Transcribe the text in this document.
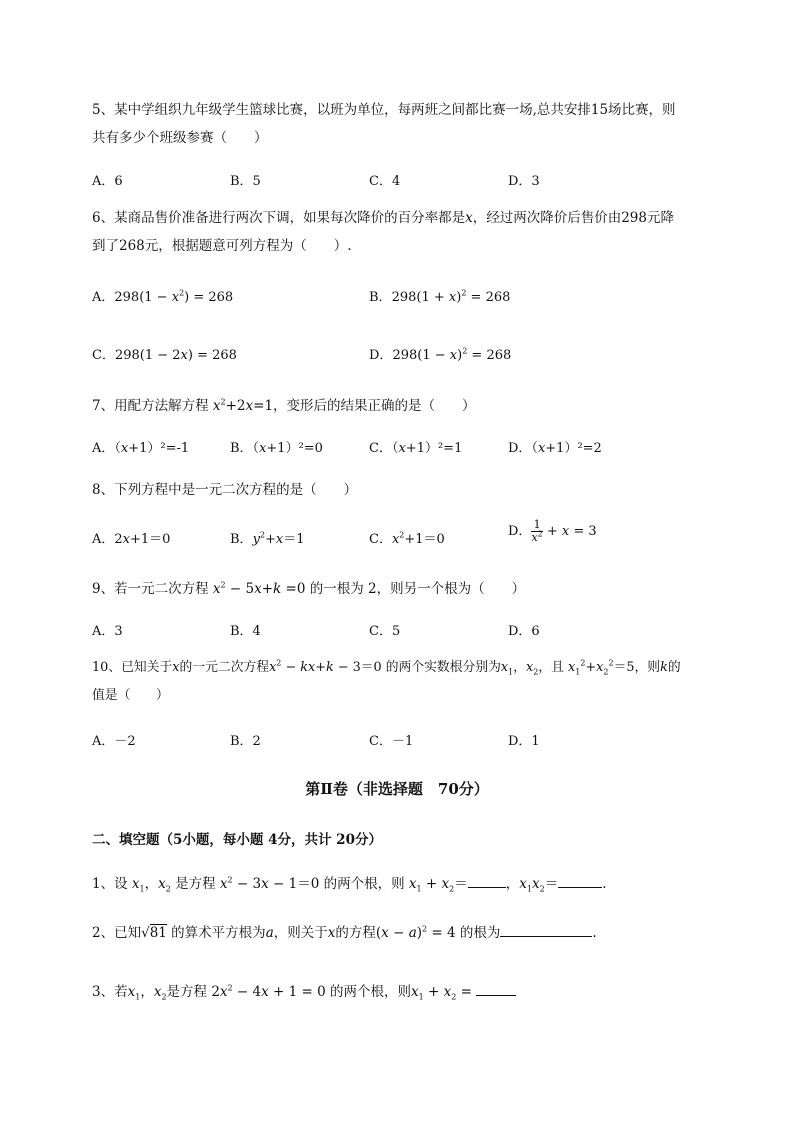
5、某中学组织九年级学生篮球比赛，以班为单位，每两班之间都比赛一场,总共安排15场比赛，则
共有多少个班级参赛（　　）
A．6	B．5	C．4	D．3
6、某商品售价准备进行两次下调，如果每次降价的百分率都是x，经过两次降价后售价由298元降
到了268元，根据题意可列方程为（　　）.
A．$298(1 - x^2) = 268$	B．$298(1 + x)^2 = 268$
C．298(1 − 2x) = 268	D．$298(1 - x)^2 = 268$
7、用配方法解方程 $x^2+2x=1$，变形后的结果正确的是（　　）
A．（x+1）²=-1	B．（x+1）²=0	C．（x+1）²=1	D．（x+1）²=2
8、下列方程中是一元二次方程的是（　　）
A．2x+1＝0	B．$y^2+x=1$	C．$x^2+1=0$
D． $\frac{1}{x^2} + x = 3$
9、若一元二次方程 $x^2 - 5x+k =0$ 的一根为 2，则另一个根为（　　）
A．3	B．4	C．5	D．6
10、已知关于x的一元二次方程$x^2 - kx+k - 3=0$ 的两个实数根分别为$x_1$，$x_2$，且 $x_1^2+x_2^2=5$，则k的
值是（　　）
A．－2	B．2	C．－1	D．1
第Ⅱ卷（非选择题　70分）
二、填空题（5小题，每小题 4分，共计 20分）
1、设 $x_1$，$x_2$ 是方程 $x^2 - 3x - 1=0$ 的两个根，则 $x_1 + x_2=$	，$x_1x_2=$	.
2、已知√81 的算术平方根为a，则关于x的方程$(x - a)^2 = 4$ 的根为	.
3、若$x_1$，$x_2$是方程 $2x^2 - 4x + 1 = 0$ 的两个根，则$x_1 + x_2$ =
